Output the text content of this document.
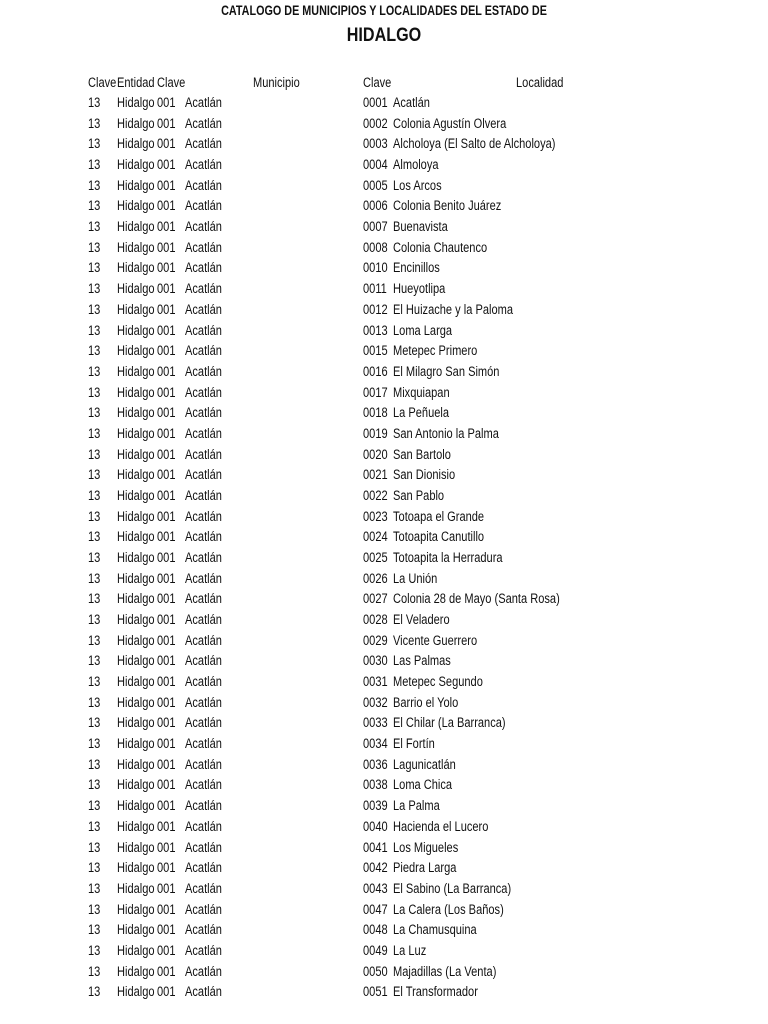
CATALOGO DE MUNICIPIOS Y LOCALIDADES DEL ESTADO DE
HIDALGO
Clave Entidad Clave	Municipio	Clave	Localidad
13 Hidalgo 001 Acatlán	0001 Acatlán
13 Hidalgo 001 Acatlán	0002 Colonia Agustín Olvera
13 Hidalgo 001 Acatlán	0003 Alcholoya (El Salto de Alcholoya)
13 Hidalgo 001 Acatlán	0004 Almoloya
13 Hidalgo 001 Acatlán	0005 Los Arcos
13 Hidalgo 001 Acatlán	0006 Colonia Benito Juárez
13 Hidalgo 001 Acatlán	0007 Buenavista
13 Hidalgo 001 Acatlán	0008 Colonia Chautenco
13 Hidalgo 001 Acatlán	0010 Encinillos
13 Hidalgo 001 Acatlán	0011 Hueyotlipa
13 Hidalgo 001 Acatlán	0012 El Huizache y la Paloma
13 Hidalgo 001 Acatlán	0013 Loma Larga
13 Hidalgo 001 Acatlán	0015 Metepec Primero
13 Hidalgo 001 Acatlán	0016 El Milagro San Simón
13 Hidalgo 001 Acatlán	0017 Mixquiapan
13 Hidalgo 001 Acatlán	0018 La Peñuela
13 Hidalgo 001 Acatlán	0019 San Antonio la Palma
13 Hidalgo 001 Acatlán	0020 San Bartolo
13 Hidalgo 001 Acatlán	0021 San Dionisio
13 Hidalgo 001 Acatlán	0022 San Pablo
13 Hidalgo 001 Acatlán	0023 Totoapa el Grande
13 Hidalgo 001 Acatlán	0024 Totoapita Canutillo
13 Hidalgo 001 Acatlán	0025 Totoapita la Herradura
13 Hidalgo 001 Acatlán	0026 La Unión
13 Hidalgo 001 Acatlán	0027 Colonia 28 de Mayo (Santa Rosa)
13 Hidalgo 001 Acatlán	0028 El Veladero
13 Hidalgo 001 Acatlán	0029 Vicente Guerrero
13 Hidalgo 001 Acatlán	0030 Las Palmas
13 Hidalgo 001 Acatlán	0031 Metepec Segundo
13 Hidalgo 001 Acatlán	0032 Barrio el Yolo
13 Hidalgo 001 Acatlán	0033 El Chilar (La Barranca)
13 Hidalgo 001 Acatlán	0034 El Fortín
13 Hidalgo 001 Acatlán	0036 Lagunicatlán
13 Hidalgo 001 Acatlán	0038 Loma Chica
13 Hidalgo 001 Acatlán	0039 La Palma
13 Hidalgo 001 Acatlán	0040 Hacienda el Lucero
13 Hidalgo 001 Acatlán	0041 Los Migueles
13 Hidalgo 001 Acatlán	0042 Piedra Larga
13 Hidalgo 001 Acatlán	0043 El Sabino (La Barranca)
13 Hidalgo 001 Acatlán	0047 La Calera (Los Baños)
13 Hidalgo 001 Acatlán	0048 La Chamusquina
13 Hidalgo 001 Acatlán	0049 La Luz
13 Hidalgo 001 Acatlán	0050 Majadillas (La Venta)
13 Hidalgo 001 Acatlán	0051 El Transformador
